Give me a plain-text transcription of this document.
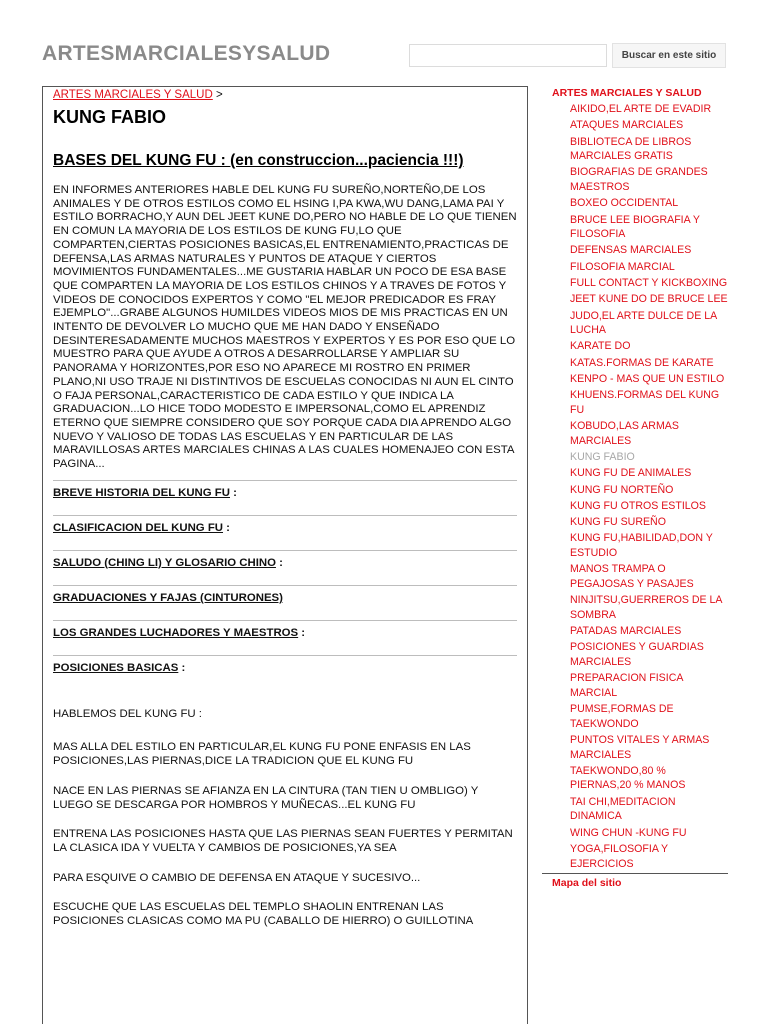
ARTESMARCIALESYSALUD	Buscar en este sitio
ARTES MARCIALES Y SALUD >
KUNG FABIO
BASES DEL KUNG FU : (en construccion...paciencia !!!)

EN INFORMES ANTERIORES HABLE DEL KUNG FU SUREÑO,NORTEÑO,DE LOS ANIMALES Y DE OTROS ESTILOS COMO EL HSING I,PA KWA,WU DANG,LAMA PAI Y ESTILO BORRACHO,Y AUN DEL JEET KUNE DO,PERO NO HABLE DE LO QUE TIENEN EN COMUN LA MAYORIA DE LOS ESTILOS DE KUNG FU,LO QUE COMPARTEN,CIERTAS POSICIONES BASICAS,EL ENTRENAMIENTO,PRACTICAS DE DEFENSA,LAS ARMAS NATURALES Y PUNTOS DE ATAQUE Y CIERTOS MOVIMIENTOS FUNDAMENTALES...ME GUSTARIA HABLAR UN POCO DE ESA BASE QUE COMPARTEN LA MAYORIA DE LOS ESTILOS CHINOS Y A TRAVES DE FOTOS Y VIDEOS DE CONOCIDOS EXPERTOS Y COMO "EL MEJOR PREDICADOR ES FRAY EJEMPLO"...GRABE ALGUNOS HUMILDES VIDEOS MIOS DE MIS PRACTICAS EN UN INTENTO DE DEVOLVER LO MUCHO QUE ME HAN DADO Y ENSEÑADO DESINTERESADAMENTE MUCHOS MAESTROS Y EXPERTOS Y ES POR ESO QUE LO MUESTRO PARA QUE AYUDE A OTROS A DESARROLLARSE Y AMPLIAR SU PANORAMA Y HORIZONTES,POR ESO NO APARECE MI ROSTRO EN PRIMER PLANO,NI USO TRAJE NI DISTINTIVOS DE ESCUELAS CONOCIDAS NI AUN EL CINTO O FAJA PERSONAL,CARACTERISTICO DE CADA ESTILO Y QUE INDICA LA GRADUACION...LO HICE TODO MODESTO E IMPERSONAL,COMO EL APRENDIZ ETERNO QUE SIEMPRE CONSIDERO QUE SOY PORQUE CADA DIA APRENDO ALGO NUEVO Y VALIOSO DE TODAS LAS ESCUELAS Y EN PARTICULAR DE LAS MARAVILLOSAS ARTES MARCIALES CHINAS A LAS CUALES HOMENAJEO CON ESTA PAGINA...

BREVE HISTORIA DEL KUNG FU :
CLASIFICACION DEL KUNG FU :
SALUDO (CHING LI) Y GLOSARIO CHINO :
GRADUACIONES Y FAJAS (CINTURONES)
LOS GRANDES LUCHADORES Y MAESTROS :
POSICIONES BASICAS :

HABLEMOS DEL KUNG FU :

MAS ALLA DEL ESTILO EN PARTICULAR,EL KUNG FU PONE ENFASIS EN LAS POSICIONES,LAS PIERNAS,DICE LA TRADICION QUE EL KUNG FU

NACE EN LAS PIERNAS SE AFIANZA EN LA CINTURA (TAN TIEN U OMBLIGO) Y LUEGO SE DESCARGA POR HOMBROS Y MUÑECAS...EL KUNG FU

ENTRENA LAS POSICIONES HASTA QUE LAS PIERNAS SEAN FUERTES Y PERMITAN LA CLASICA IDA Y VUELTA Y CAMBIOS DE POSICIONES,YA SEA

PARA ESQUIVE O CAMBIO DE DEFENSA EN ATAQUE Y SUCESIVO...

ESCUCHE QUE LAS ESCUELAS DEL TEMPLO SHAOLIN ENTRENAN LAS POSICIONES CLASICAS COMO MA PU (CABALLO DE HIERRO) O GUILLOTINA

ARTES MARCIALES Y SALUD
AIKIDO,EL ARTE DE EVADIR
ATAQUES MARCIALES
BIBLIOTECA DE LIBROS MARCIALES GRATIS
BIOGRAFIAS DE GRANDES MAESTROS
BOXEO OCCIDENTAL
BRUCE LEE BIOGRAFIA Y FILOSOFIA
DEFENSAS MARCIALES
FILOSOFIA MARCIAL
FULL CONTACT Y KICKBOXING
JEET KUNE DO DE BRUCE LEE
JUDO,EL ARTE DULCE DE LA LUCHA
KARATE DO
KATAS.FORMAS DE KARATE
KENPO - MAS QUE UN ESTILO
KHUENS.FORMAS DEL KUNG FU
KOBUDO,LAS ARMAS MARCIALES
KUNG FABIO
KUNG FU DE ANIMALES
KUNG FU NORTEÑO
KUNG FU OTROS ESTILOS
KUNG FU SUREÑO
KUNG FU,HABILIDAD,DON Y ESTUDIO
MANOS TRAMPA O PEGAJOSAS Y PASAJES
NINJITSU,GUERREROS DE LA SOMBRA
PATADAS MARCIALES
POSICIONES Y GUARDIAS MARCIALES
PREPARACION FISICA MARCIAL
PUMSE,FORMAS DE TAEKWONDO
PUNTOS VITALES Y ARMAS MARCIALES
TAEKWONDO,80 % PIERNAS,20 % MANOS
TAI CHI,MEDITACION DINAMICA
WING CHUN -KUNG FU
YOGA,FILOSOFIA Y EJERCICIOS
Mapa del sitio
